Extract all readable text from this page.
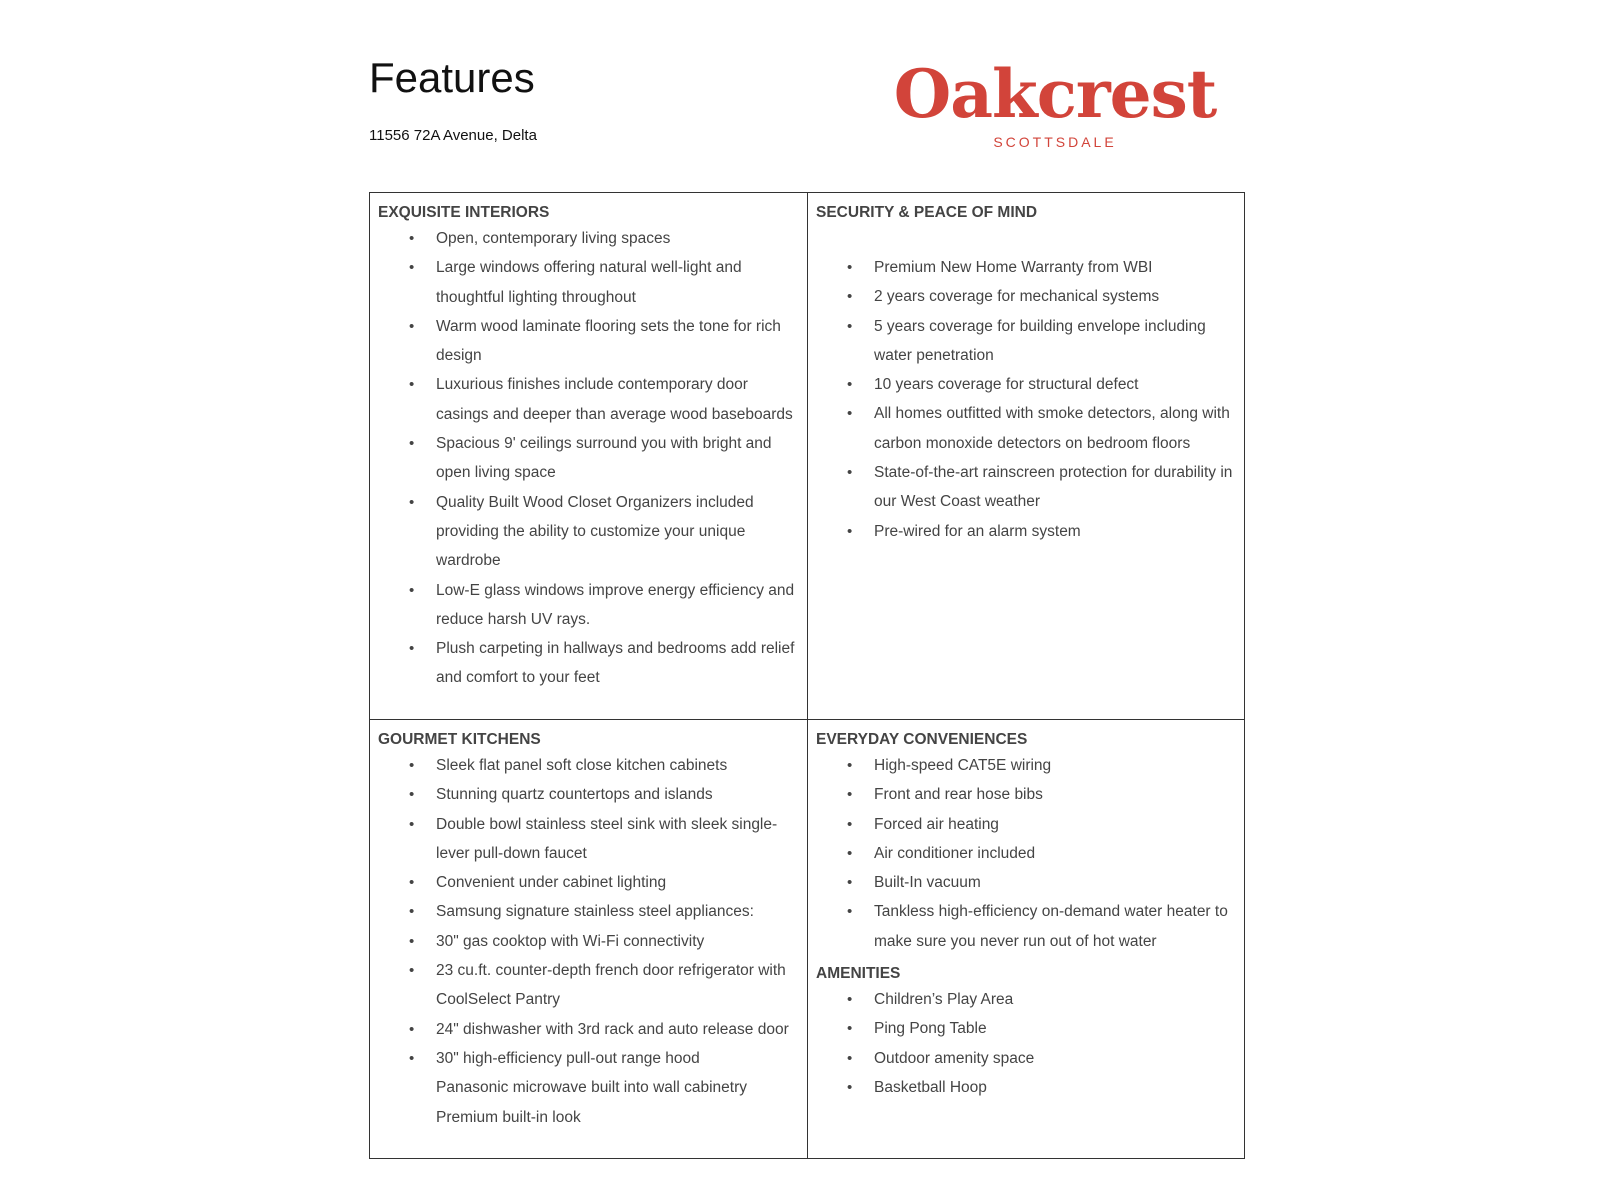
Features
11556 72A Avenue, Delta
Oakcrest
SCOTTSDALE
EXQUISITE INTERIORS
• Open, contemporary living spaces
• Large windows offering natural well-light and thoughtful lighting throughout
• Warm wood laminate flooring sets the tone for rich design
• Luxurious finishes include contemporary door casings and deeper than average wood baseboards
• Spacious 9' ceilings surround you with bright and open living space
• Quality Built Wood Closet Organizers included providing the ability to customize your unique wardrobe
• Low-E glass windows improve energy efficiency and reduce harsh UV rays.
• Plush carpeting in hallways and bedrooms add relief and comfort to your feet
SECURITY & PEACE OF MIND
• Premium New Home Warranty from WBI
• 2 years coverage for mechanical systems
• 5 years coverage for building envelope including water penetration
• 10 years coverage for structural defect
• All homes outfitted with smoke detectors, along with carbon monoxide detectors on bedroom floors
• State-of-the-art rainscreen protection for durability in our West Coast weather
• Pre-wired for an alarm system
GOURMET KITCHENS
• Sleek flat panel soft close kitchen cabinets
• Stunning quartz countertops and islands
• Double bowl stainless steel sink with sleek single-lever pull-down faucet
• Convenient under cabinet lighting
• Samsung signature stainless steel appliances:
• 30" gas cooktop with Wi-Fi connectivity
• 23 cu.ft. counter-depth french door refrigerator with CoolSelect Pantry
• 24" dishwasher with 3rd rack and auto release door
• 30" high-efficiency pull-out range hood
Panasonic microwave built into wall cabinetry
Premium built-in look
EVERYDAY CONVENIENCES
• High-speed CAT5E wiring
• Front and rear hose bibs
• Forced air heating
• Air conditioner included
• Built-In vacuum
• Tankless high-efficiency on-demand water heater to make sure you never run out of hot water
AMENITIES
• Children’s Play Area
• Ping Pong Table
• Outdoor amenity space
• Basketball Hoop
